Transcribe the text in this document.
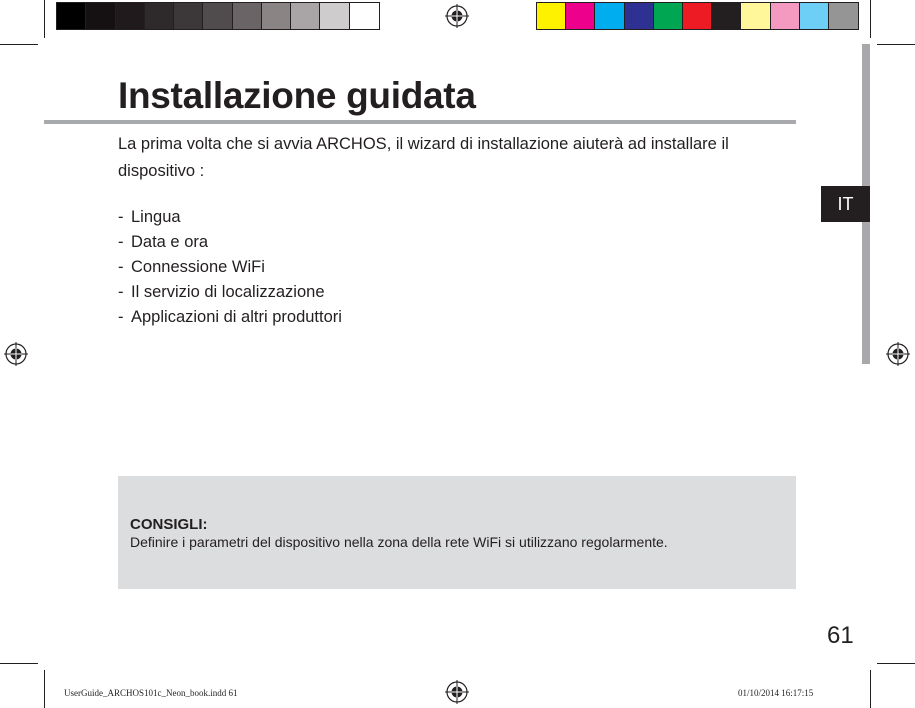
Installazione guidata

La prima volta che si avvia ARCHOS, il wizard di installazione aiuterà ad installare il dispositivo :

- Lingua
- Data e ora
- Connessione WiFi
- Il servizio di localizzazione
- Applicazioni di altri produttori

CONSIGLI:

Definire i parametri del dispositivo nella zona della rete WiFi si utilizzano regolarmente.

IT

61

UserGuide_ARCHOS101c_Neon_book.indd 61	01/10/2014 16:17:15
